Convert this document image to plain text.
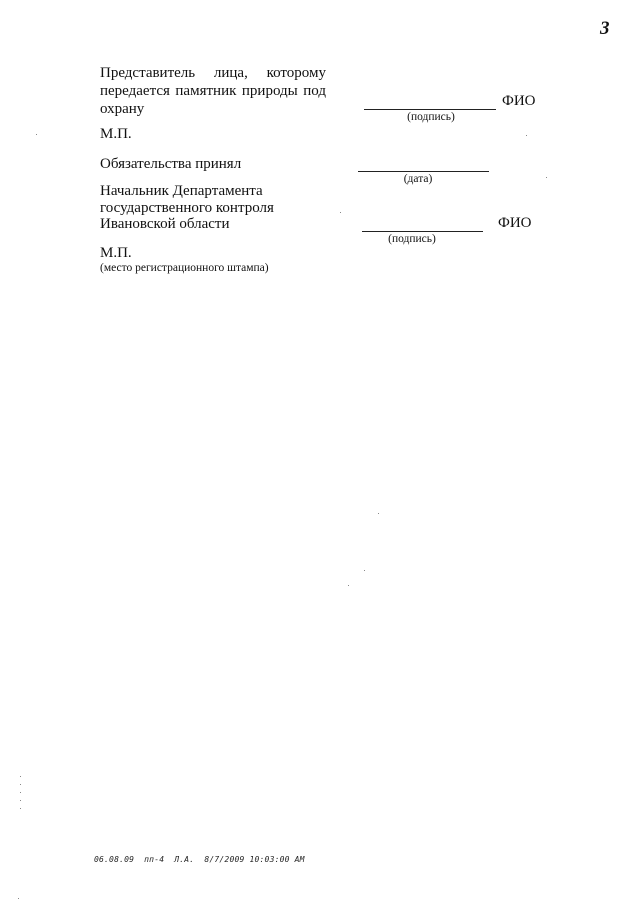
3
Представитель лица, которому
передается памятник природы под
охрану	(подпись)
ФИО
М.П.
Обязательства принял
(дата)
Начальник Департамента
государственного контроля
Ивановской области
(подпись)
ФИО
М.П.
(место регистрационного штампа)
06.08.09  пп-4  Л.А.  8/7/2009 10:03:00 AM
